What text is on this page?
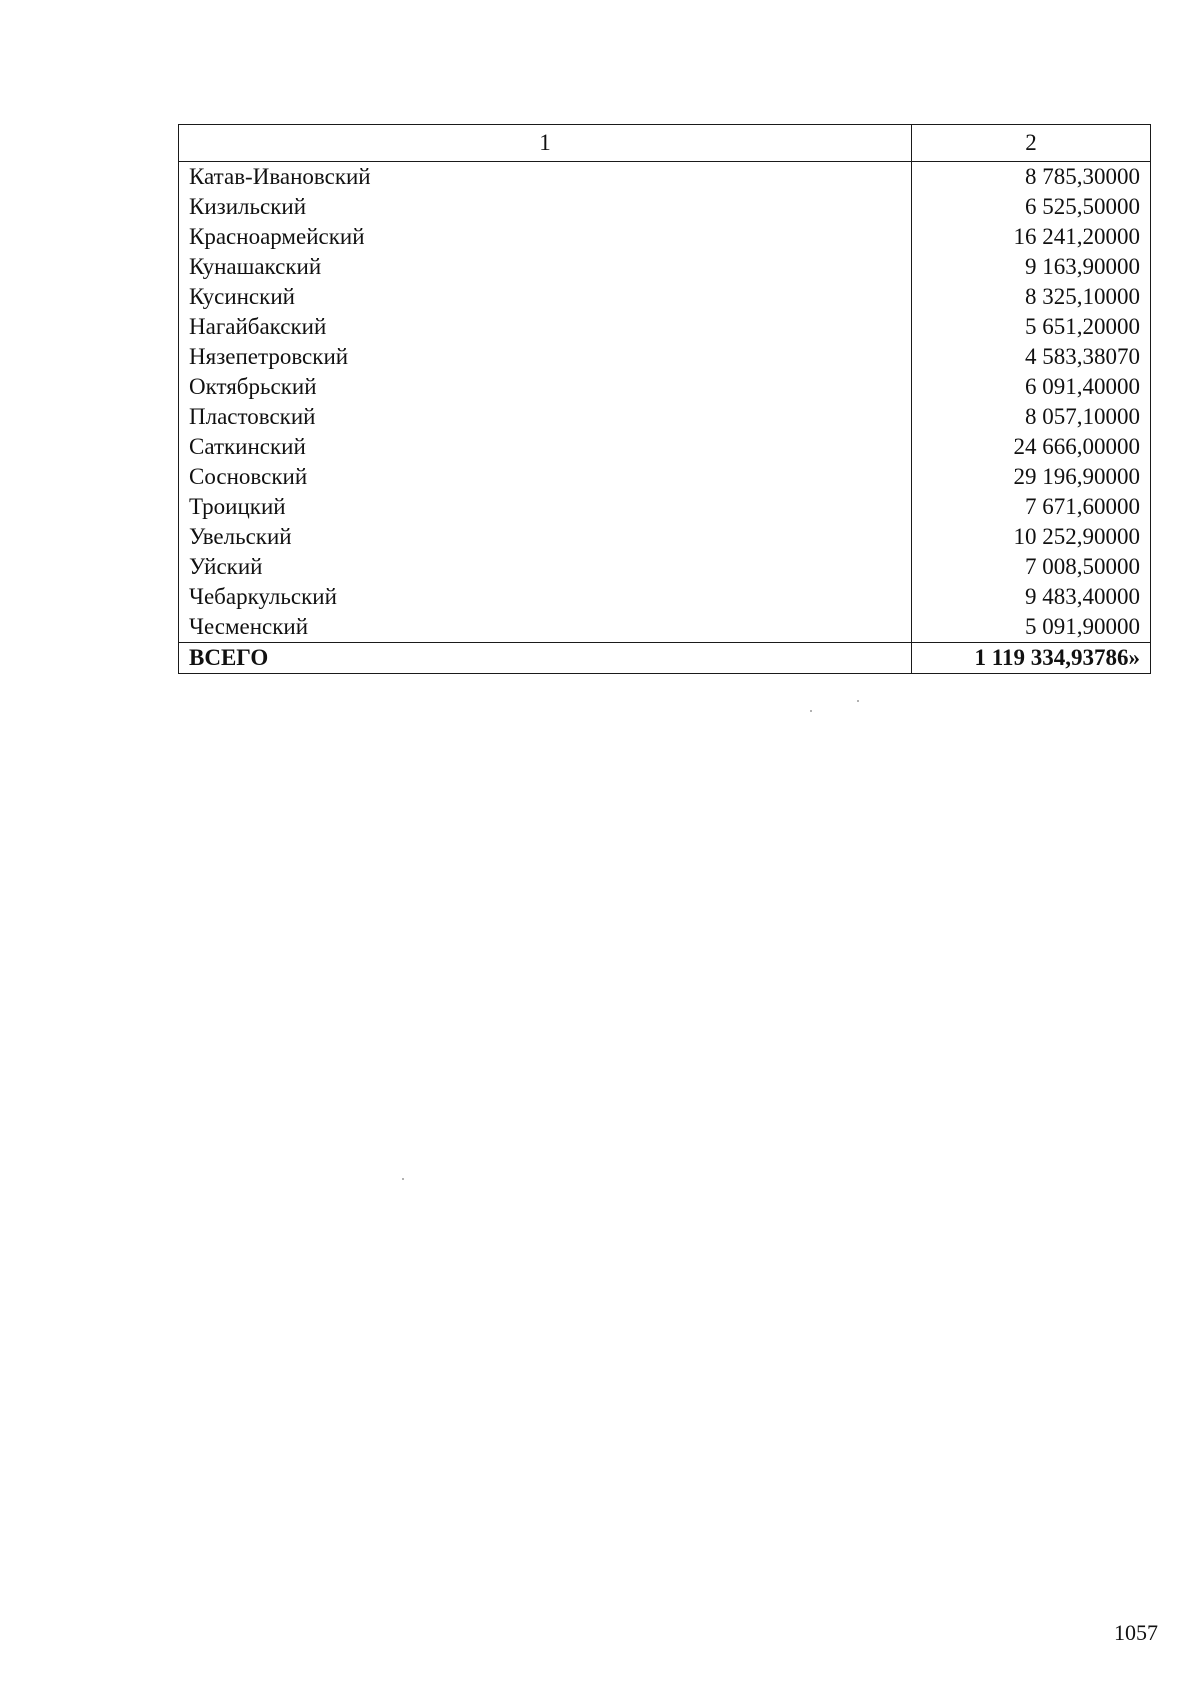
1	2
Катав-Ивановский	8 785,30000
Кизильский	6 525,50000
Красноармейский	16 241,20000
Кунашакский	9 163,90000
Кусинский	8 325,10000
Нагайбакский	5 651,20000
Нязепетровский	4 583,38070
Октябрьский	6 091,40000
Пластовский	8 057,10000
Саткинский	24 666,00000
Сосновский	29 196,90000
Троицкий	7 671,60000
Увельский	10 252,90000
Уйский	7 008,50000
Чебаркульский	9 483,40000
Чесменский	5 091,90000
ВСЕГО	1 119 334,93786»
1057
